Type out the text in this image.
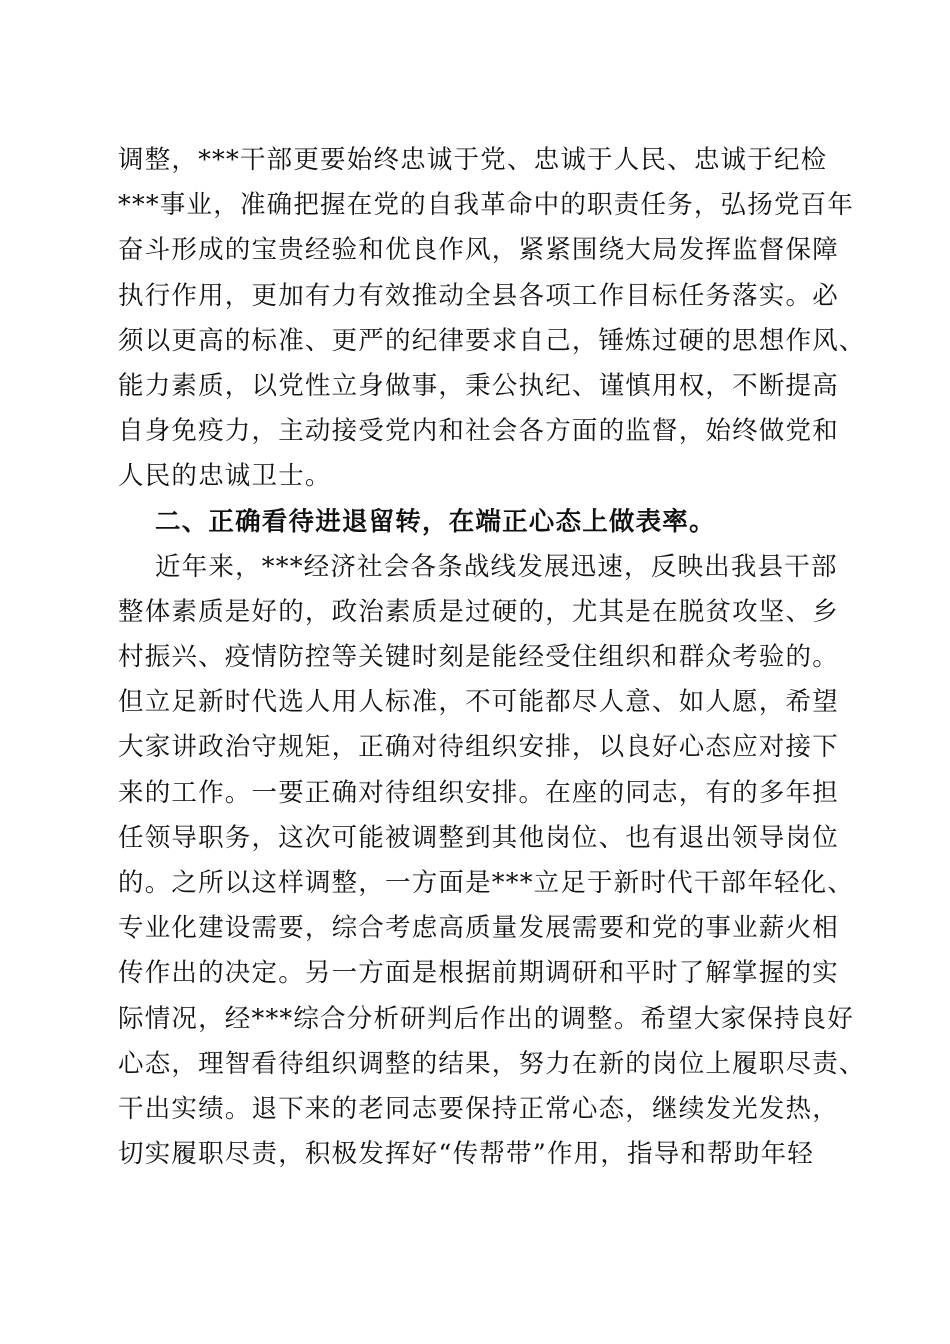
调整，***干部更要始终忠诚于党、忠诚于人民、忠诚于纪检
***事业，准确把握在党的自我革命中的职责任务，弘扬党百年
奋斗形成的宝贵经验和优良作风，紧紧围绕大局发挥监督保障
执行作用，更加有力有效推动全县各项工作目标任务落实。必
须以更高的标准、更严的纪律要求自己，锤炼过硬的思想作风、
能力素质，以党性立身做事，秉公执纪、谨慎用权，不断提高
自身免疫力，主动接受党内和社会各方面的监督，始终做党和
人民的忠诚卫士。
二、正确看待进退留转，在端正心态上做表率。
近年来，***经济社会各条战线发展迅速，反映出我县干部
整体素质是好的，政治素质是过硬的，尤其是在脱贫攻坚、乡
村振兴、疫情防控等关键时刻是能经受住组织和群众考验的。
但立足新时代选人用人标准，不可能都尽人意、如人愿，希望
大家讲政治守规矩，正确对待组织安排，以良好心态应对接下
来的工作。一要正确对待组织安排。在座的同志，有的多年担
任领导职务，这次可能被调整到其他岗位、也有退出领导岗位
的。之所以这样调整，一方面是***立足于新时代干部年轻化、
专业化建设需要，综合考虑高质量发展需要和党的事业薪火相
传作出的决定。另一方面是根据前期调研和平时了解掌握的实
际情况，经***综合分析研判后作出的调整。希望大家保持良好
心态，理智看待组织调整的结果，努力在新的岗位上履职尽责、
干出实绩。退下来的老同志要保持正常心态，继续发光发热，
切实履职尽责，积极发挥好“传帮带”作用，指导和帮助年轻
